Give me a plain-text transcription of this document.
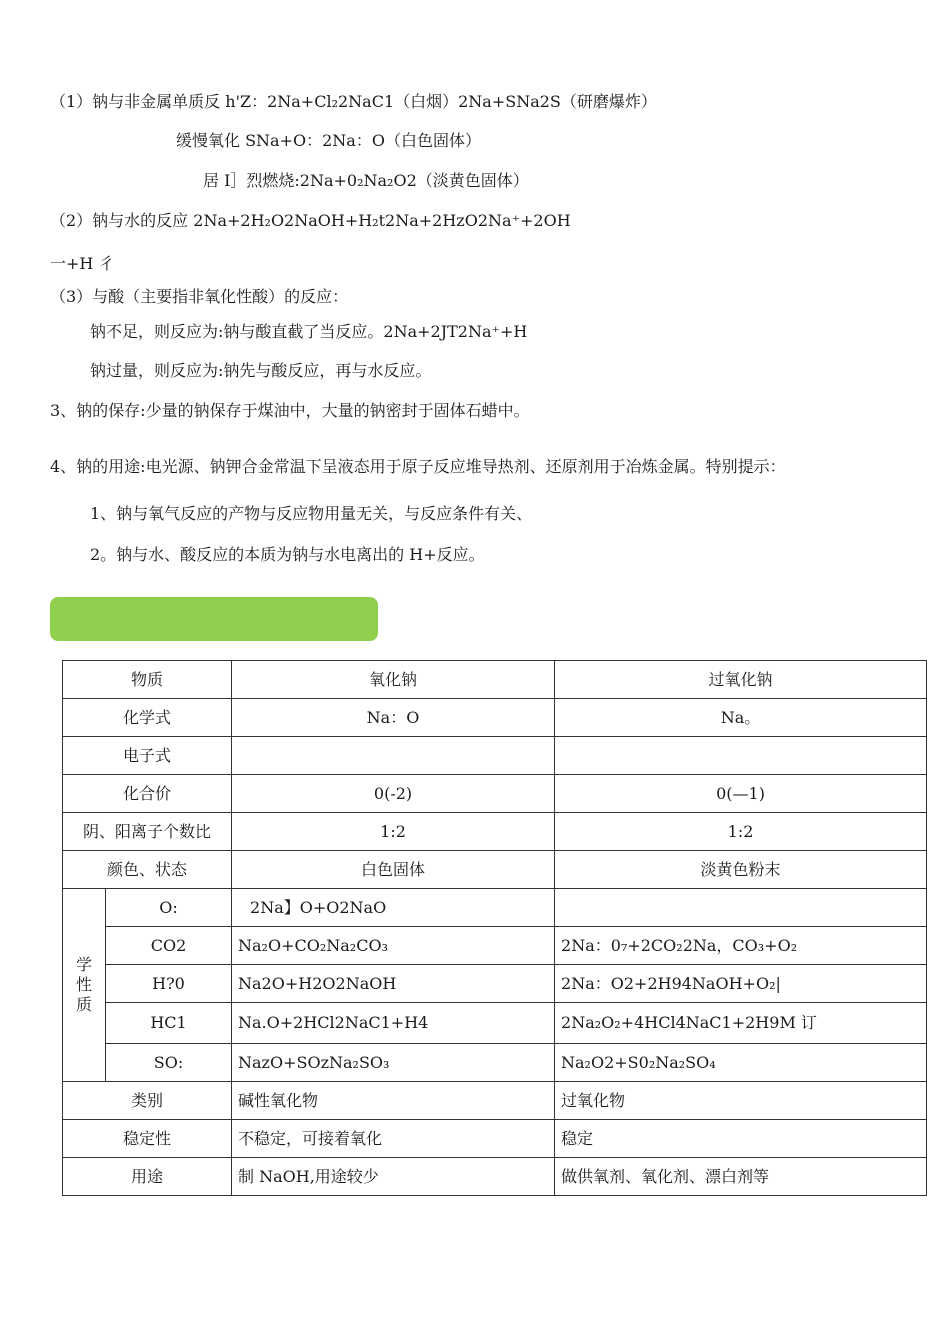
（1）钠与非金属单质反 h'Z：2Na+Cl₂2NaC1（白烟）2Na+SNa2S（研磨爆炸）
缓慢氧化 SNa+O：2Na：O（白色固体）
居 I］烈燃烧:2Na+0₂Na₂O2（淡黄色固体）
（2）钠与水的反应 2Na+2H₂O2NaOH+H₂t2Na+2HzO2Na⁺+2OH
一+H 彳
（3）与酸（主要指非氧化性酸）的反应：
钠不足，则反应为:钠与酸直截了当反应。2Na+2JT2Na⁺+H
钠过量，则反应为:钠先与酸反应，再与水反应。
3、钠的保存:少量的钠保存于煤油中，大量的钠密封于固体石蜡中。
4、钠的用途:电光源、钠钾合金常温下呈液态用于原子反应堆导热剂、还原剂用于冶炼金属。特别提示：
1、钠与氧气反应的产物与反应物用量无关，与反应条件有关、
2。钠与水、酸反应的本质为钠与水电离出的 H+反应。
物质		氧化钠	过氧化钠
化学式		Na：O	Na。
电子式			
化合价		0(-2)	0(—1)
阴、阳离子个数比		1:2	1:2
颜色、状态		白色固体	淡黄色粉末

学
性
质	O:	2Na】O+O2NaO	
	CO2	Na₂O+CO₂Na₂CO₃	2Na：0₇+2CO₂2Na，CO₃+O₂
	H?0	Na2O+H2O2NaOH	2Na：O2+2H94NaOH+O₂|
	HC1	Na.O+2HCl2NaC1+H4	2Na₂O₂+4HCl4NaC1+2H9M 订
	SO:	NazO+SOzNa₂SO₃	Na₂O2+S0₂Na₂SO₄
类别		碱性氧化物	过氧化物
稳定性		不稳定，可接着氧化	稳定
用途		制 NaOH,用途较少	做供氧剂、氧化剂、漂白剂等
